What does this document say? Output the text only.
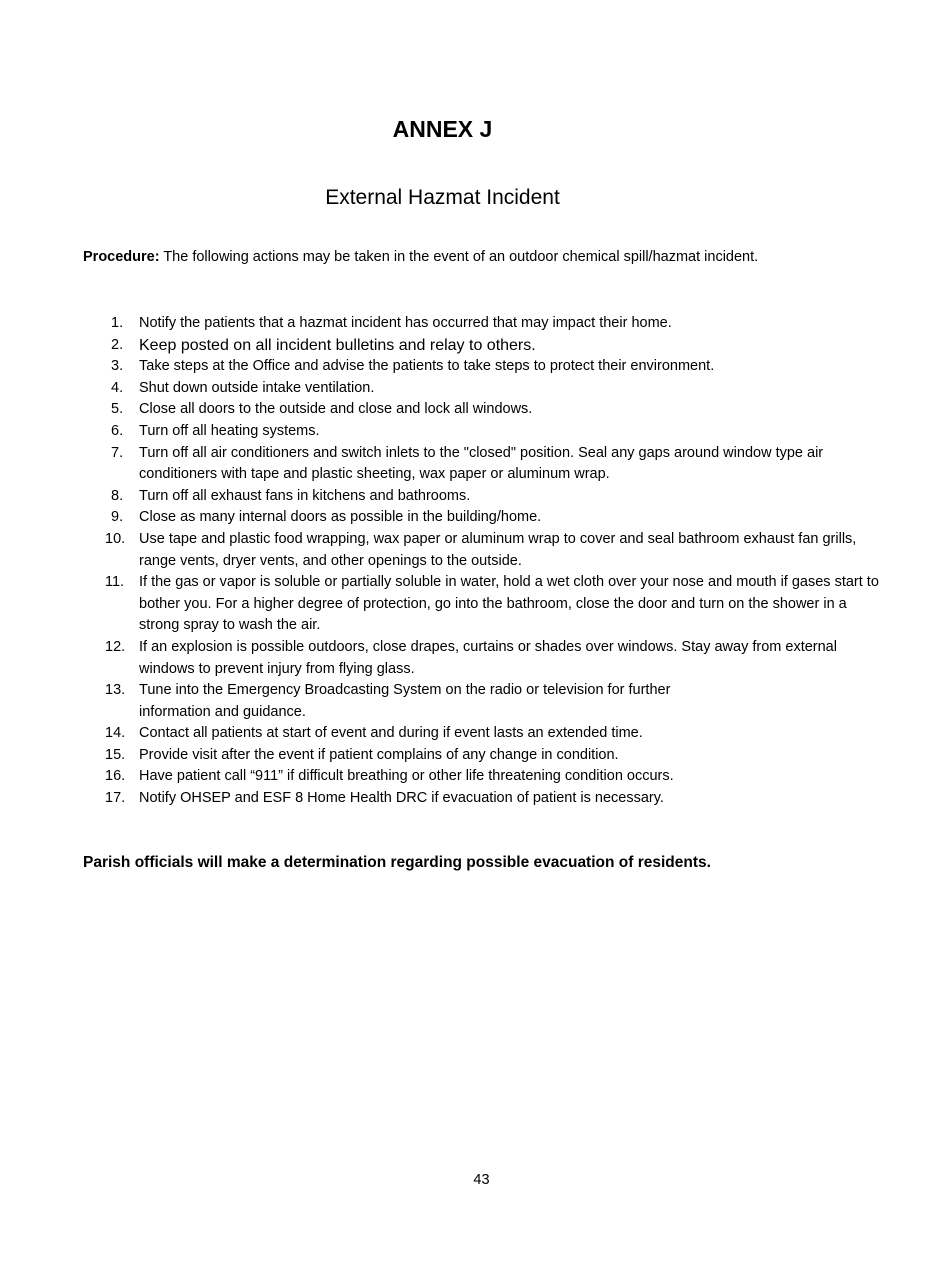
ANNEX J
External Hazmat Incident

Procedure: The following actions may be taken in the event of an outdoor chemical spill/hazmat incident.

1.	Notify the patients that a hazmat incident has occurred that may impact their home.
2. Keep posted on all incident bulletins and relay to others.
3.	Take steps at the Office and advise the patients to take steps to protect their environment.
4.	Shut down outside intake ventilation.
5.	Close all doors to the outside and close and lock all windows.
6.	Turn off all heating systems.
7.	Turn off all air conditioners and switch inlets to the "closed" position. Seal any gaps around window type air conditioners with tape and plastic sheeting, wax paper or aluminum wrap.
8.	Turn off all exhaust fans in kitchens and bathrooms.
9.	Close as many internal doors as possible in the building/home.
10. Use tape and plastic food wrapping, wax paper or aluminum wrap to cover and seal bathroom exhaust fan grills, range vents, dryer vents, and other openings to the outside.
11.	If the gas or vapor is soluble or partially soluble in water, hold a wet cloth over your nose and mouth if gases start to bother you. For a higher degree of protection, go into the bathroom, close the door and turn on the shower in a strong spray to wash the air.
12. If an explosion is possible outdoors, close drapes, curtains or shades over windows. Stay away from external windows to prevent injury from flying glass.
13. Tune into the Emergency Broadcasting System on the radio or television for further
information and guidance.
14. Contact all patients at start of event and during if event lasts an extended time.
15. Provide visit after the event if patient complains of any change in condition.
16. Have patient call “911” if difficult breathing or other life threatening condition occurs.
17. Notify OHSEP and ESF 8 Home Health DRC if evacuation of patient is necessary.

Parish officials will make a determination regarding possible evacuation of residents.

43
